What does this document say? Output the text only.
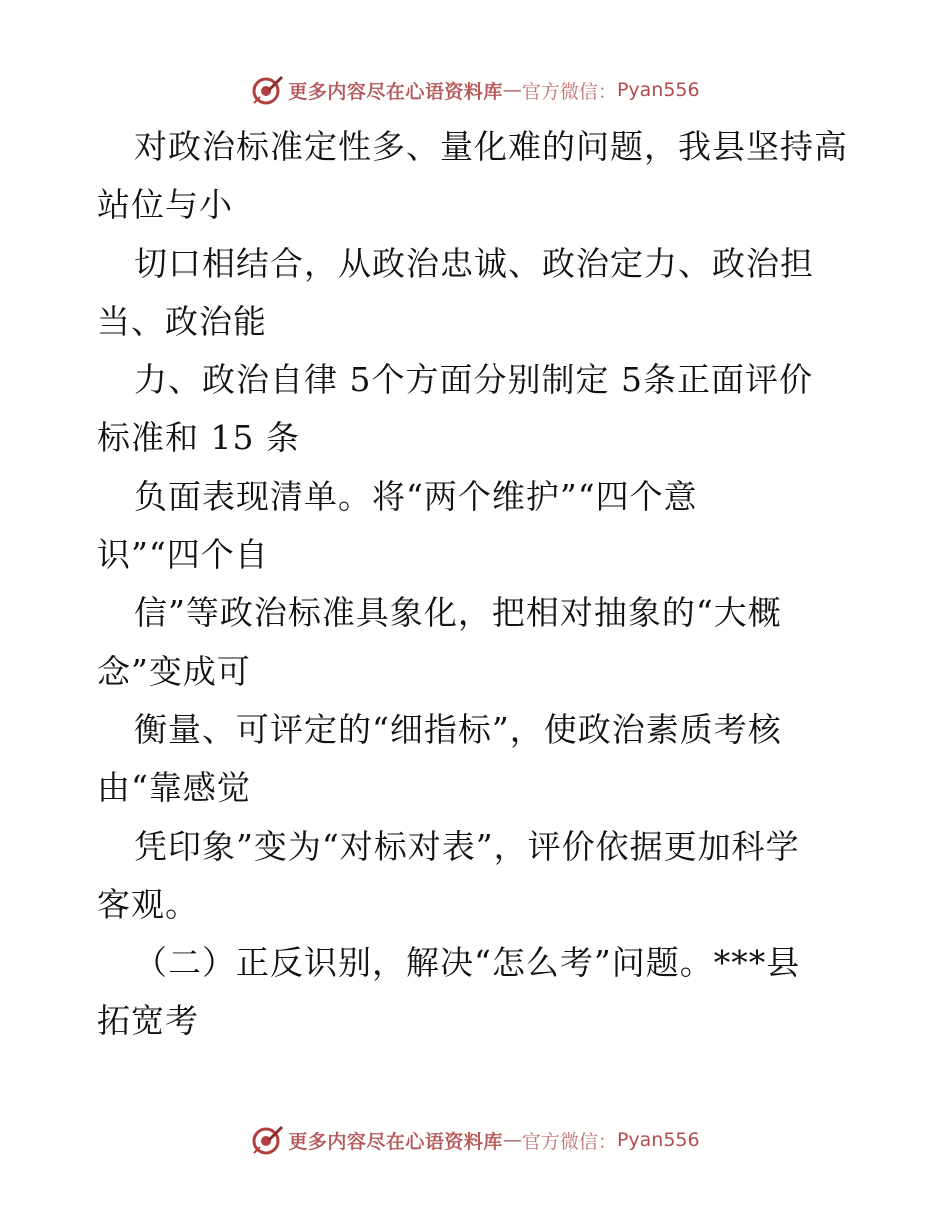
更多内容尽在心语资料库 — 官方微信： Pyan556
对政治标准定性多、量化难的问题，我县坚持高
站位与小
切口相结合，从政治忠诚、政治定力、政治担
当、政治能
力、政治自律 5个方面分别制定 5条正面评价
标准和 15 条
负面表现清单。将“两个维护”“四个意
识”“四个自
信”等政治标准具象化，把相对抽象的“大概
念”变成可
衡量、可评定的“细指标”，使政治素质考核
由“靠感觉
凭印象”变为“对标对表”，评价依据更加科学
客观。
（二）正反识别，解决“怎么考”问题。***县
拓宽考
更多内容尽在心语资料库 — 官方微信： Pyan556
